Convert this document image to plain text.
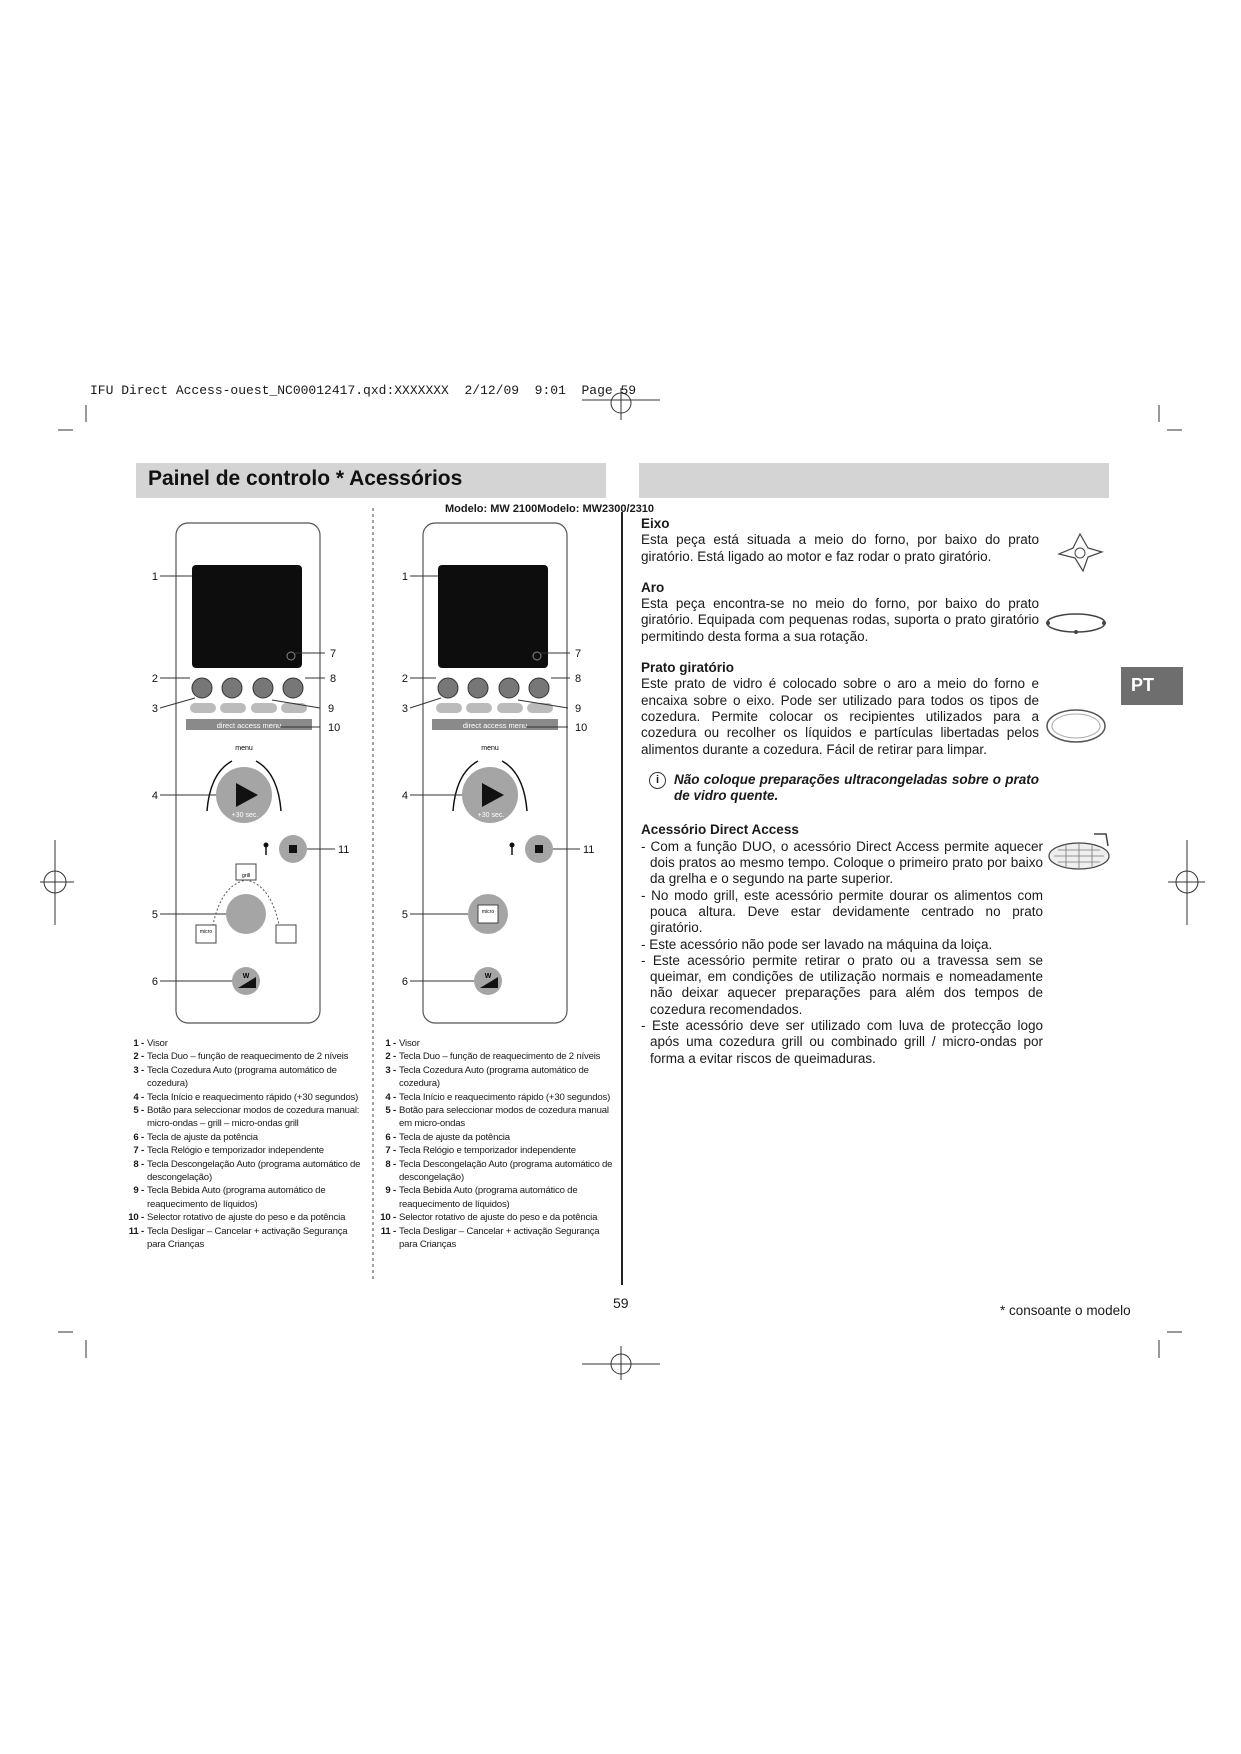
IFU Direct Access-ouest_NC00012417.qxd:XXXXXXX  2/12/09  9:01  Page 59
Painel de controlo * Acessórios
Modelo: MW 2100Modelo: MW2300/2310
direct access menu
menu
+30 sec.
grill
micro
W
1
7
2	8
3	9
10
4
11
5
6
direct access menu
menu
+30 sec.
micro
W
1
7
2	8
3	9
10
4
11
5
6
1 - Visor
2 - Tecla Duo – função de reaquecimento de 2 níveis
3 - Tecla Cozedura Auto (programa automático de cozedura)
4 - Tecla Início e reaquecimento rápido (+30 segundos)
5 - Botão para seleccionar modos de cozedura manual: micro-ondas – grill – micro-ondas grill
6 - Tecla de ajuste da potência
7 - Tecla Relógio e temporizador independente
8 - Tecla Descongelação Auto (programa automático de descongelação)
9 - Tecla Bebida Auto (programa automático de reaquecimento de líquidos)
10 - Selector rotativo de ajuste do peso e da potência
11 - Tecla Desligar – Cancelar + activação Segurança para Crianças
1 - Visor
2 - Tecla Duo – função de reaquecimento de 2 níveis
3 - Tecla Cozedura Auto (programa automático de cozedura)
4 - Tecla Início e reaquecimento rápido (+30 segundos)
5 - Botão para seleccionar modos de cozedura manual em micro-ondas
6 - Tecla de ajuste da potência
7 - Tecla Relógio e temporizador independente
8 - Tecla Descongelação Auto (programa automático de descongelação)
9 - Tecla Bebida Auto (programa automático de reaquecimento de líquidos)
10 - Selector rotativo de ajuste do peso e da potência
11 - Tecla Desligar – Cancelar + activação Segurança para Crianças
Eixo
Esta peça está situada a meio do forno, por baixo do prato giratório. Está ligado ao motor e faz rodar o prato giratório.
Aro
Esta peça encontra-se no meio do forno, por baixo do prato giratório. Equipada com pequenas rodas, suporta o prato giratório permitindo desta forma a sua rotação.
Prato giratório
Este prato de vidro é colocado sobre o aro a meio do forno e encaixa sobre o eixo. Pode ser utilizado para todos os tipos de cozedura. Permite colocar os recipientes utilizados para a cozedura ou recolher os líquidos e partículas libertadas pelos alimentos durante a cozedura. Fácil de retirar para limpar.
i	Não coloque preparações ultracongeladas sobre o prato de vidro quente.
Acessório Direct Access
- Com a função DUO, o acessório Direct Access permite aquecer dois pratos ao mesmo tempo. Coloque o primeiro prato por baixo da grelha e o segundo na parte superior.
- No modo grill, este acessório permite dourar os alimentos com pouca altura. Deve estar devidamente centrado no prato giratório.
- Este acessório não pode ser lavado na máquina da loiça.
- Este acessório permite retirar o prato ou a travessa sem se queimar, em condições de utilização normais e nomeadamente não deixar aquecer preparações para além dos tempos de cozedura recomendados.
- Este acessório deve ser utilizado com luva de protecção logo após uma cozedura grill ou combinado grill / micro-ondas por forma a evitar riscos de queimaduras.
PT
59	* consoante o modelo
